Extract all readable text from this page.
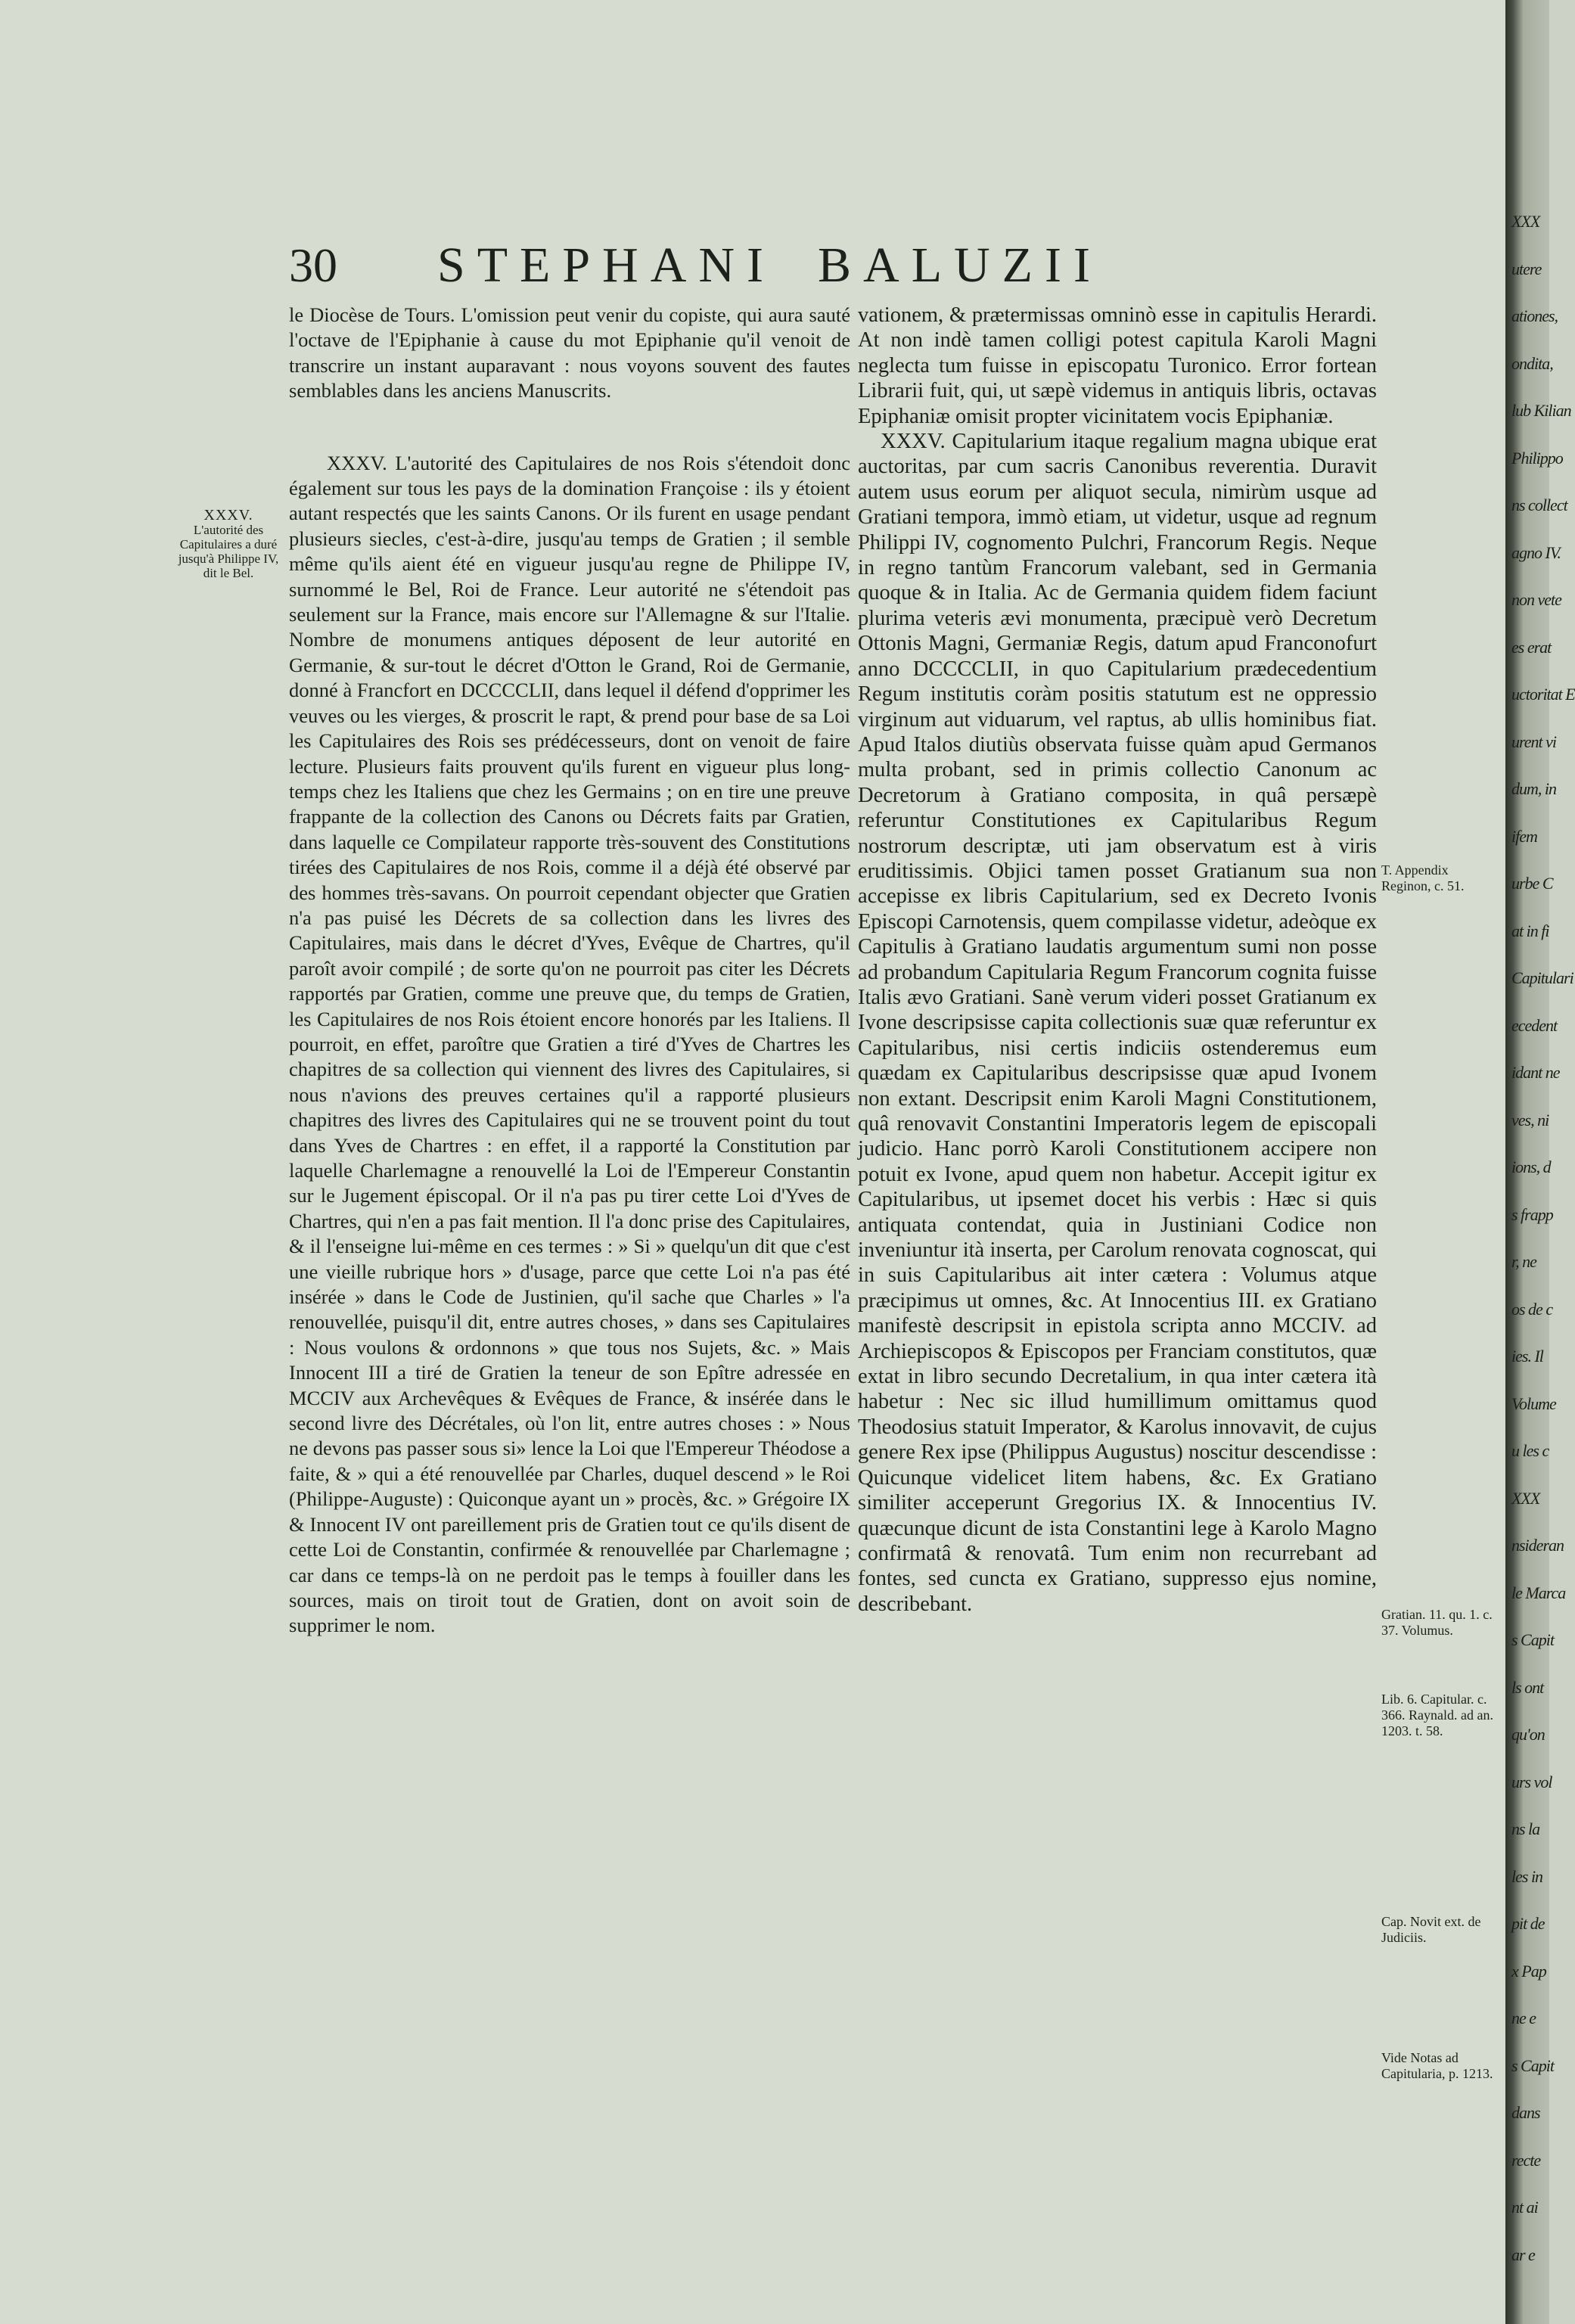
30 STEPHANI BALUZII
XXXV.
L'autorité des Capitulaires a duré jusqu'à Philippe IV, dit le Bel.

le Diocèse de Tours. L'omission peut venir du copiste, qui aura sauté l'octave de l'Epiphanie à cause du mot Epiphanie qu'il venoit de transcrire un instant auparavant : nous voyons souvent des fautes semblables dans les anciens Manuscrits.

XXXV. L'autorité des Capitulaires de nos Rois s'étendoit donc également sur tous les pays de la domination Françoise : ils y étoient autant respectés que les saints Canons. Or ils furent en usage pendant plusieurs siecles, c'est-à-dire, jusqu'au temps de Gratien ; il semble même qu'ils aient été en vigueur jusqu'au regne de Philippe IV, surnommé le Bel, Roi de France. Leur autorité ne s'étendoit pas seulement sur la France, mais encore sur l'Allemagne & sur l'Italie. Nombre de monumens antiques déposent de leur autorité en Germanie, & sur-tout le décret d'Otton le Grand, Roi de Germanie, donné à Francfort en DCCCCLII, dans lequel il défend d'opprimer les veuves ou les vierges, & proscrit le rapt, & prend pour base de sa Loi les Capitulaires des Rois ses prédécesseurs, dont on venoit de faire lecture. Plusieurs faits prouvent qu'ils furent en vigueur plus long-temps chez les Italiens que chez les Germains ; on en tire une preuve frappante de la collection des Canons ou Décrets faits par Gratien, dans laquelle ce Compilateur rapporte très-souvent des Constitutions tirées des Capitulaires de nos Rois, comme il a déjà été observé par des hommes très-savans. On pourroit cependant objecter que Gratien n'a pas puisé les Décrets de sa collection dans les livres des Capitulaires, mais dans le décret d'Yves, Evêque de Chartres, qu'il paroît avoir compilé ; de sorte qu'on ne pourroit pas citer les Décrets rapportés par Gratien, comme une preuve que, du temps de Gratien, les Capitulaires de nos Rois étoient encore honorés par les Italiens. Il pourroit, en effet, paroître que Gratien a tiré d'Yves de Chartres les chapitres de sa collection qui viennent des livres des Capitulaires, si nous n'avions des preuves certaines qu'il a rapporté plusieurs chapitres des livres des Capitulaires qui ne se trouvent point du tout dans Yves de Chartres : en effet, il a rapporté la Constitution par laquelle Charlemagne a renouvellé la Loi de l'Empereur Constantin sur le Jugement épiscopal. Or il n'a pas pu tirer cette Loi d'Yves de Chartres, qui n'en a pas fait mention. Il l'a donc prise des Capitulaires, & il l'enseigne lui-même en ces termes : » Si » quelqu'un dit que c'est une vieille rubrique hors » d'usage, parce que cette Loi n'a pas été insérée » dans le Code de Justinien, qu'il sache que Charles » l'a renouvellée, puisqu'il dit, entre autres choses, » dans ses Capitulaires : Nous voulons & ordonnons » que tous nos Sujets, &c. » Mais Innocent III a tiré de Gratien la teneur de son Epître adressée en MCCIV aux Archevêques & Evêques de France, & insérée dans le second livre des Décrétales, où l'on lit, entre autres choses : » Nous ne devons pas passer sous si» lence la Loi que l'Empereur Théodose a faite, & » qui a été renouvellée par Charles, duquel descend » le Roi (Philippe-Auguste) : Quiconque ayant un » procès, &c. » Grégoire IX & Innocent IV ont pareillement pris de Gratien tout ce qu'ils disent de cette Loi de Constantin, confirmée & renouvellée par Charlemagne ; car dans ce temps-là on ne perdoit pas le temps à fouiller dans les sources, mais on tiroit tout de Gratien, dont on avoit soin de supprimer le nom.

vationem, & prætermissas omninò esse in capitulis Herardi. At non indè tamen colligi potest capitula Karoli Magni neglecta tum fuisse in episcopatu Turonico. Error fortean Librarii fuit, qui, ut sæpè videmus in antiquis libris, octavas Epiphaniæ omisit propter vicinitatem vocis Epiphaniæ.

XXXV. Capitularium itaque regalium magna ubique erat auctoritas, par cum sacris Canonibus reverentia. Duravit autem usus eorum per aliquot secula, nimirùm usque ad Gratiani tempora, immò etiam, ut videtur, usque ad regnum Philippi IV, cognomento Pulchri, Francorum Regis. Neque in regno tantùm Francorum valebant, sed in Germania quoque & in Italia. Ac de Germania quidem fidem faciunt plurima veteris ævi monumenta, præcipuè verò Decretum Ottonis Magni, Germaniæ Regis, datum apud Franconofurt anno DCCCCLII, in quo Capitularium prædecedentium Regum institutis coràm positis statutum est ne oppressio virginum aut viduarum, vel raptus, ab ullis hominibus fiat. Apud Italos diutiùs observata fuisse quàm apud Germanos multa probant, sed in primis collectio Canonum ac Decretorum à Gratiano composita, in quâ persæpè referuntur Constitutiones ex Capitularibus Regum nostrorum descriptæ, uti jam observatum est à viris eruditissimis. Objici tamen posset Gratianum sua non accepisse ex libris Capitularium, sed ex Decreto Ivonis Episcopi Carnotensis, quem compilasse videtur, adeòque ex Capitulis à Gratiano laudatis argumentum sumi non posse ad probandum Capitularia Regum Francorum cognita fuisse Italis ævo Gratiani. Sanè verum videri posset Gratianum ex Ivone descripsisse capita collectionis suæ quæ referuntur ex Capitularibus, nisi certis indiciis ostenderemus eum quædam ex Capitularibus descripsisse quæ apud Ivonem non extant. Descripsit enim Karoli Magni Constitutionem, quâ renovavit Constantini Imperatoris legem de episcopali judicio. Hanc porrò Karoli Constitutionem accipere non potuit ex Ivone, apud quem non habetur. Accepit igitur ex Capitularibus, ut ipsemet docet his verbis : Hæc si quis antiquata contendat, quia in Justiniani Codice non inveniuntur ità inserta, per Carolum renovata cognoscat, qui in suis Capitularibus ait inter cætera : Volumus atque præcipimus ut omnes, &c. At Innocentius III. ex Gratiano manifestè descripsit in epistola scripta anno MCCIV. ad Archiepiscopos & Episcopos per Franciam constitutos, quæ extat in libro secundo Decretalium, in qua inter cætera ità habetur : Nec sic illud humillimum omittamus quod Theodosius statuit Imperator, & Karolus innovavit, de cujus genere Rex ipse (Philippus Augustus) noscitur descendisse : Quicunque videlicet litem habens, &c. Ex Gratiano similiter acceperunt Gregorius IX. & Innocentius IV. quæcunque dicunt de ista Constantini lege à Karolo Magno confirmatâ & renovatâ. Tum enim non recurrebant ad fontes, sed cuncta ex Gratiano, suppresso ejus nomine, describebant.

T. Appendix Reginon, c. 51.
Gratian. 11. qu. 1. c. 37. Volumus.
Lib. 6. Capitular. c. 366. Raynald. ad an. 1203. t. 58.
Cap. Novit ext. de Judiciis.
Vide Notas ad Capitularia, p. 1213.
XXX
utere
ationes,
ondita,
lub Kilian
Philippo
ns collect
agno IV.
non vete
es erat
uctoritat E
urent vi
dum, in
ifem
urbe C
at in fi
Capitulari
ecedent
idant ne
ves, ni
ions, d
s frapp
r, ne
os de c
ies. Il
Volume
u les c
XXX
nsideran
le Marca
s Capit
ls ont
qu'on
urs vol
ns la
les in
pit de
x Pap
ne e
s Capit
dans
recte
nt ai
ar e
